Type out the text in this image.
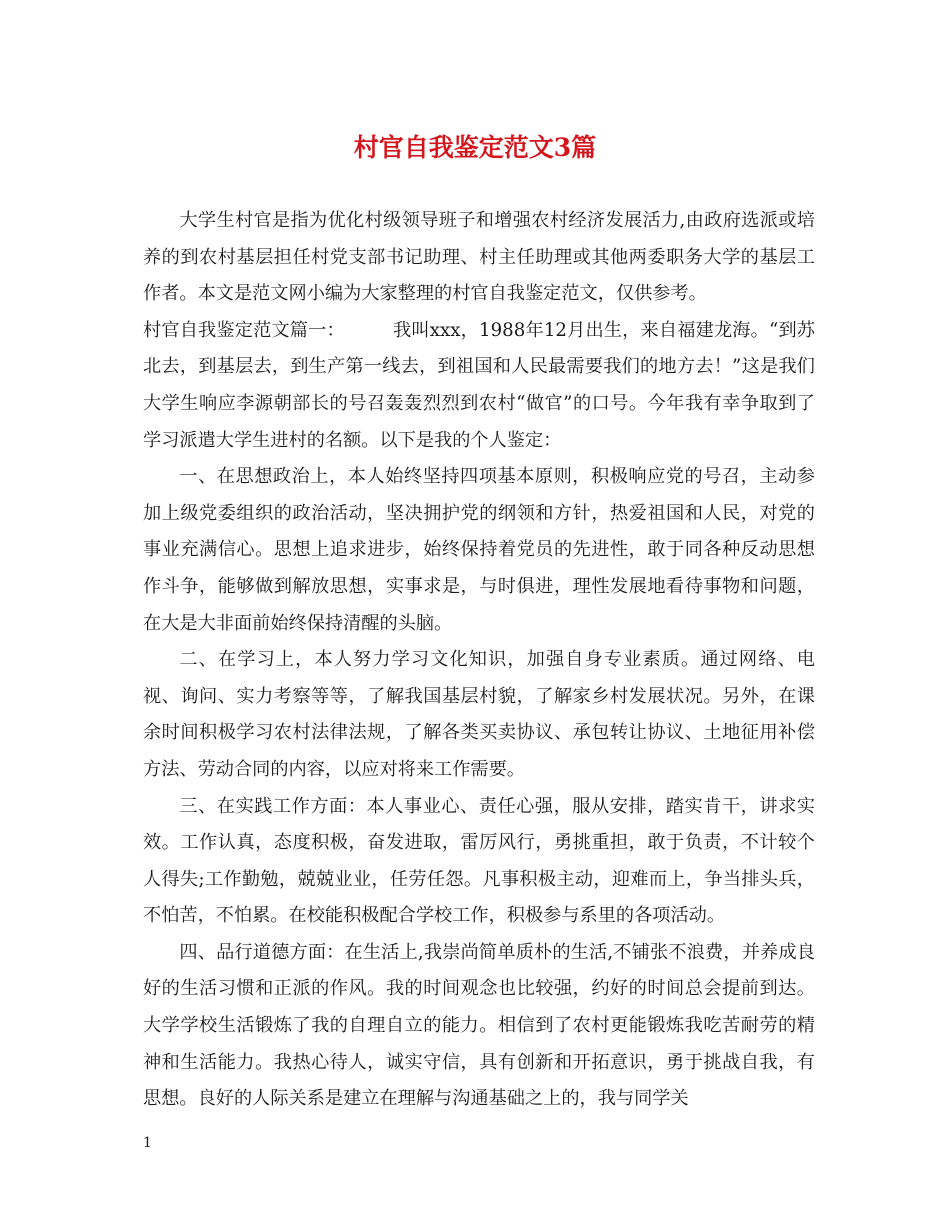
村官自我鉴定范文3篇

大学生村官是指为优化村级领导班子和增强农村经济发展活力,由政府选派或培养的到农村基层担任村党支部书记助理、村主任助理或其他两委职务大学的基层工作者。本文是范文网小编为大家整理的村官自我鉴定范文，仅供参考。

村官自我鉴定范文篇一：	我叫xxx，1988年12月出生，来自福建龙海。“到苏北去，到基层去，到生产第一线去，到祖国和人民最需要我们的地方去！”这是我们大学生响应李源朝部长的号召轰轰烈烈到农村“做官”的口号。今年我有幸争取到了学习派遣大学生进村的名额。以下是我的个人鉴定：

一、在思想政治上，本人始终坚持四项基本原则，积极响应党的号召，主动参加上级党委组织的政治活动，坚决拥护党的纲领和方针，热爱祖国和人民，对党的事业充满信心。思想上追求进步，始终保持着党员的先进性，敢于同各种反动思想作斗争，能够做到解放思想，实事求是，与时俱进，理性发展地看待事物和问题，在大是大非面前始终保持清醒的头脑。

二、在学习上，本人努力学习文化知识，加强自身专业素质。通过网络、电视、询问、实力考察等等，了解我国基层村貌，了解家乡村发展状况。另外，在课余时间积极学习农村法律法规，了解各类买卖协议、承包转让协议、土地征用补偿方法、劳动合同的内容，以应对将来工作需要。

三、在实践工作方面：本人事业心、责任心强，服从安排，踏实肯干，讲求实效。工作认真，态度积极，奋发进取，雷厉风行，勇挑重担，敢于负责，不计较个人得失;工作勤勉，兢兢业业，任劳任怨。凡事积极主动，迎难而上，争当排头兵，不怕苦，不怕累。在校能积极配合学校工作，积极参与系里的各项活动。

四、品行道德方面：在生活上,我崇尚简单质朴的生活,不铺张不浪费，并养成良好的生活习惯和正派的作风。我的时间观念也比较强，约好的时间总会提前到达。大学学校生活锻炼了我的自理自立的能力。相信到了农村更能锻炼我吃苦耐劳的精神和生活能力。我热心待人，诚实守信，具有创新和开拓意识，勇于挑战自我，有思想。良好的人际关系是建立在理解与沟通基础之上的，我与同学关

1
